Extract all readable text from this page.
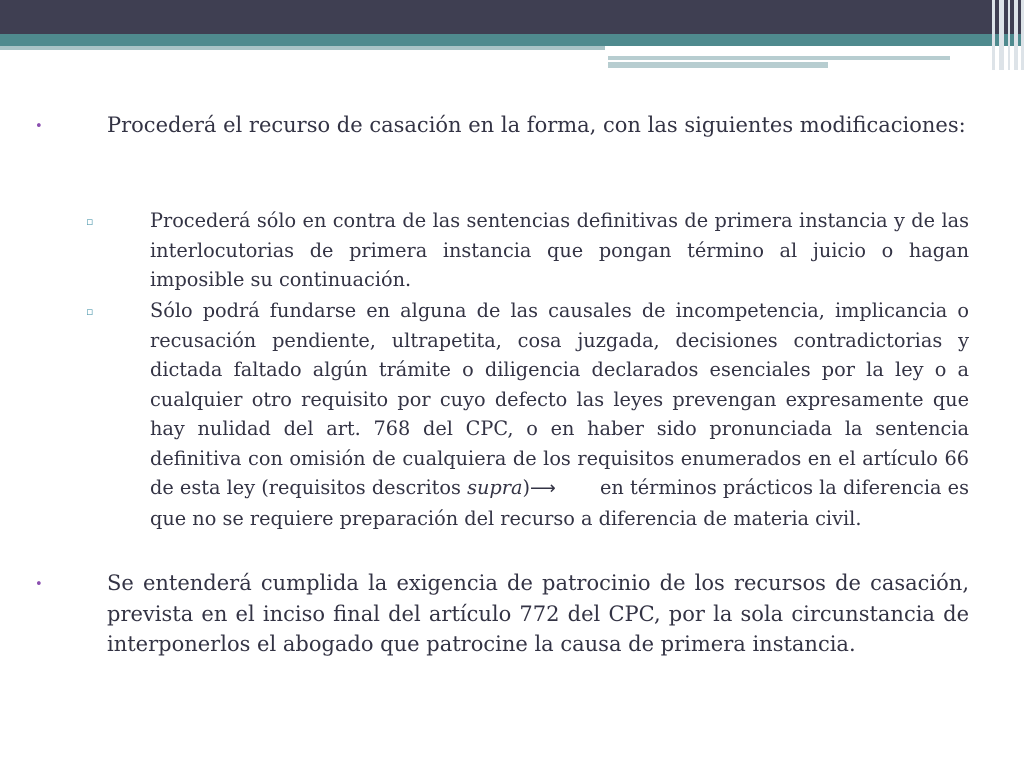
•	Procederá el recurso de casación en la forma, con las siguientes modificaciones:
▫	Procederá sólo en contra de las sentencias definitivas de primera instancia y de las interlocutorias de primera instancia que pongan término al juicio o hagan imposible su continuación.
▫	Sólo podrá fundarse en alguna de las causales de incompetencia, implicancia o recusación pendiente, ultrapetita, cosa juzgada, decisiones contradictorias y dictada faltado algún trámite o diligencia declarados esenciales por la ley o a cualquier otro requisito por cuyo defecto las leyes prevengan expresamente que hay nulidad del art. 768 del CPC, o en haber sido pronunciada la sentencia definitiva con omisión de cualquiera de los requisitos enumerados en el artículo 66 de esta ley (requisitos descritos supra)⟶ en términos prácticos la diferencia es que no se requiere preparación del recurso a diferencia de materia civil.
•	Se entenderá cumplida la exigencia de patrocinio de los recursos de casación, prevista en el inciso final del artículo 772 del CPC, por la sola circunstancia de interponerlos el abogado que patrocine la causa de primera instancia.
